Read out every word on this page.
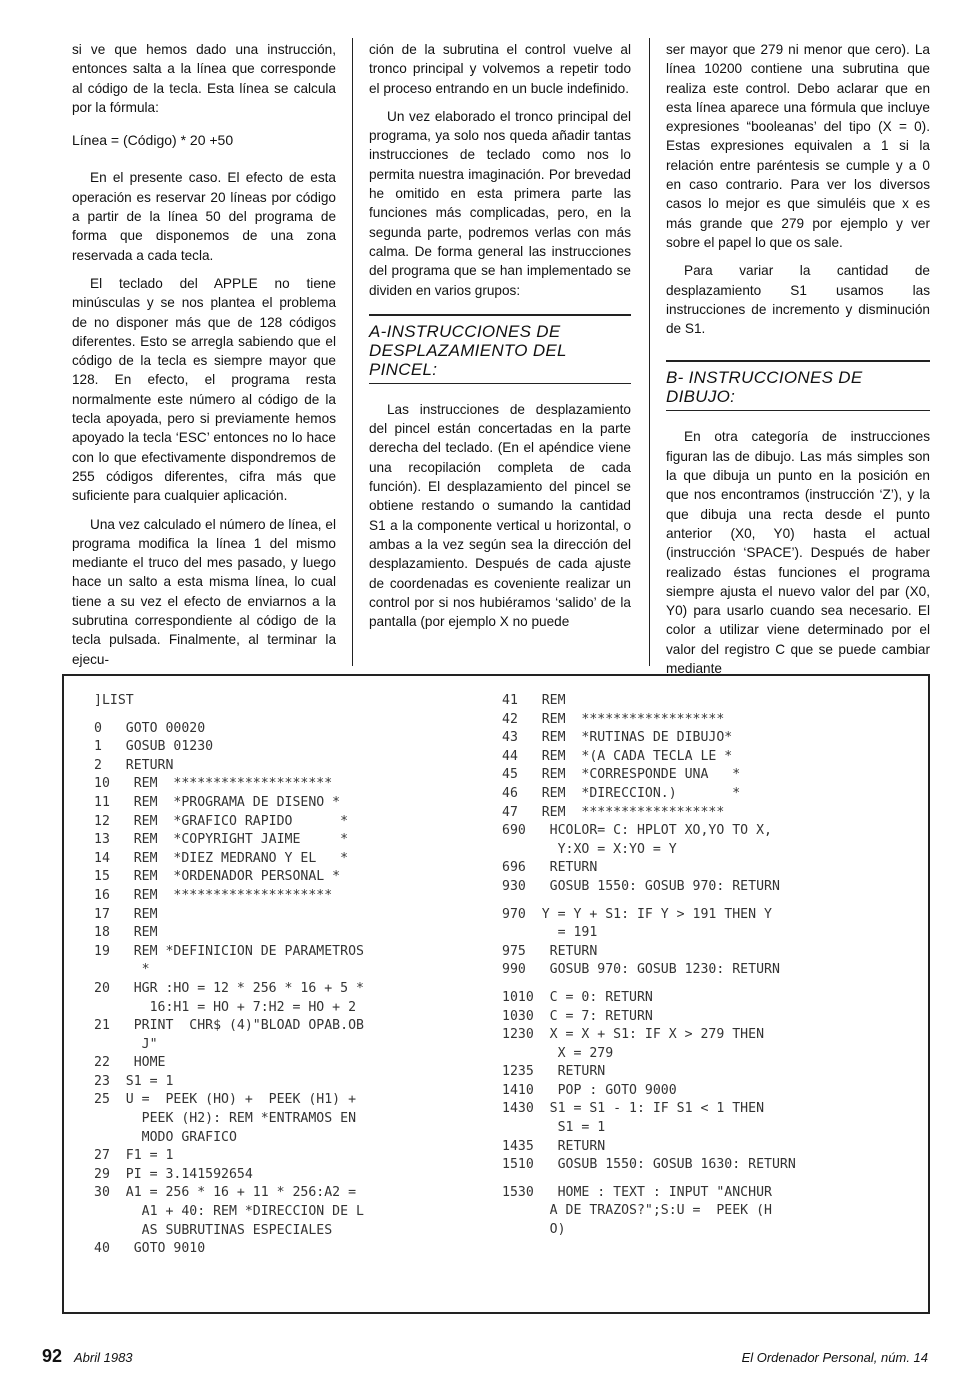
si ve que hemos dado una instrucción, entonces salta a la línea que corresponde al código de la tecla. Esta línea se calcula por la fórmula:

Línea = (Código) * 20 +50

En el presente caso. El efecto de esta operación es reservar 20 líneas por código a partir de la línea 50 del programa de forma que disponemos de una zona reservada a cada tecla.

El teclado del APPLE no tiene minúsculas y se nos plantea el problema de no disponer más que de 128 códigos diferentes. Esto se arregla sabiendo que el código de la tecla es siempre mayor que 128. En efecto, el programa resta normalmente este número al código de la tecla apoyada, pero si previamente hemos apoyado la tecla ‘ESC’ entonces no lo hace con lo que efectivamente dispondremos de 255 códigos diferentes, cifra más que suficiente para cualquier aplicación.

Una vez calculado el número de línea, el programa modifica la línea 1 del mismo mediante el truco del mes pasado, y luego hace un salto a esta misma línea, lo cual tiene a su vez el efecto de enviarnos a la subrutina correspondiente al código de la tecla pulsada. Finalmente, al terminar la ejecu-

ción de la subrutina el control vuelve al tronco principal y volvemos a repetir todo el proceso entrando en un bucle indefinido.

Un vez elaborado el tronco principal del programa, ya solo nos queda añadir tantas instrucciones de teclado como nos lo permita nuestra imaginación. Por brevedad he omitido en esta primera parte las funciones más complicadas, pero, en la segunda parte, podremos verlas con más calma. De forma general las instrucciones del programa que se han implementado se dividen en varios grupos:

A-INSTRUCCIONES DE DESPLAZAMIENTO DEL PINCEL:

Las instrucciones de desplazamiento del pincel están concertadas en la parte derecha del teclado. (En el apéndice viene una recopilación completa de cada función). El desplazamiento del pincel se obtiene restando o sumando la cantidad S1 a la componente vertical u horizontal, o ambas a la vez según sea la dirección del desplazamiento. Después de cada ajuste de coordenadas es coveniente realizar un control por si nos hubiéramos ‘salido’ de la pantalla (por ejemplo X no puede

ser mayor que 279 ni menor que cero). La línea 10200 contiene una subrutina que realiza este control. Debo aclarar que en esta línea aparece una fórmula que incluye expresiones “booleanas’ del tipo (X = 0). Estas expresiones equivalen a 1 si la relación entre paréntesis se cumple y a 0 en caso contrario. Para ver los diversos casos lo mejor es que simuléis que x es más grande que 279 por ejemplo y ver sobre el papel lo que os sale.

Para variar la cantidad de desplazamiento S1 usamos las instrucciones de incremento y disminución de S1.

B- INSTRUCCIONES DE DIBUJO:

En otra categoría de instrucciones figuran las de dibujo. Las más simples son la que dibuja un punto en la posición en que nos encontramos (instrucción ‘Z’), y la que dibuja una recta desde el punto anterior (X0, Y0) hasta el actual (instrucción ‘SPACE’). Después de haber realizado éstas funciones el programa siempre ajusta el nuevo valor del par (X0, Y0) para usarlo cuando sea necesario. El color a utilizar viene determinado por el valor del registro C que se puede cambiar mediante

]LIST
0   GOTO 00020
1   GOSUB 01230
2   RETURN
10   REM  ********************
11   REM  *PROGRAMA DE DISENO *
12   REM  *GRAFICO RAPIDO      *
13   REM  *COPYRIGHT JAIME     *
14   REM  *DIEZ MEDRANO Y EL   *
15   REM  *ORDENADOR PERSONAL *
16   REM  ********************
17   REM
18   REM
19   REM *DEFINICION DE PARAMETROS
*
20   HGR :HO = 12 * 256 * 16 + 5 *
16:H1 = HO + 7:H2 = HO + 2
21   PRINT  CHR$ (4)"BLOAD OPAB.OB
J"
22   HOME
23  S1 = 1
25  U =  PEEK (HO) +  PEEK (H1) +
PEEK (H2): REM *ENTRAMOS EN
MODO GRAFICO
27  F1 = 1
29  PI = 3.141592654
30  A1 = 256 * 16 + 11 * 256:A2 =
A1 + 40: REM *DIRECCION DE L
AS SUBRUTINAS ESPECIALES
40   GOTO 9010
41   REM
42   REM  ******************
43   REM  *RUTINAS DE DIBUJO*
44   REM  *(A CADA TECLA LE *
45   REM  *CORRESPONDE UNA   *
46   REM  *DIRECCION.)       *
47   REM  ******************
690   HCOLOR= C: HPLOT XO,YO TO X,
Y:XO = X:YO = Y
696   RETURN
930   GOSUB 1550: GOSUB 970: RETURN
970  Y = Y + S1: IF Y > 191 THEN Y
= 191
975   RETURN
990   GOSUB 970: GOSUB 1230: RETURN
1010  C = 0: RETURN
1030  C = 7: RETURN
1230  X = X + S1: IF X > 279 THEN
X = 279
1235   RETURN
1410   POP : GOTO 9000
1430  S1 = S1 - 1: IF S1 < 1 THEN
S1 = 1
1435   RETURN
1510   GOSUB 1550: GOSUB 1630: RETURN
1530   HOME : TEXT : INPUT "ANCHUR
A DE TRAZOS?";S:U =  PEEK (H
O)
92 Abril 1983	El Ordenador Personal, núm. 14
